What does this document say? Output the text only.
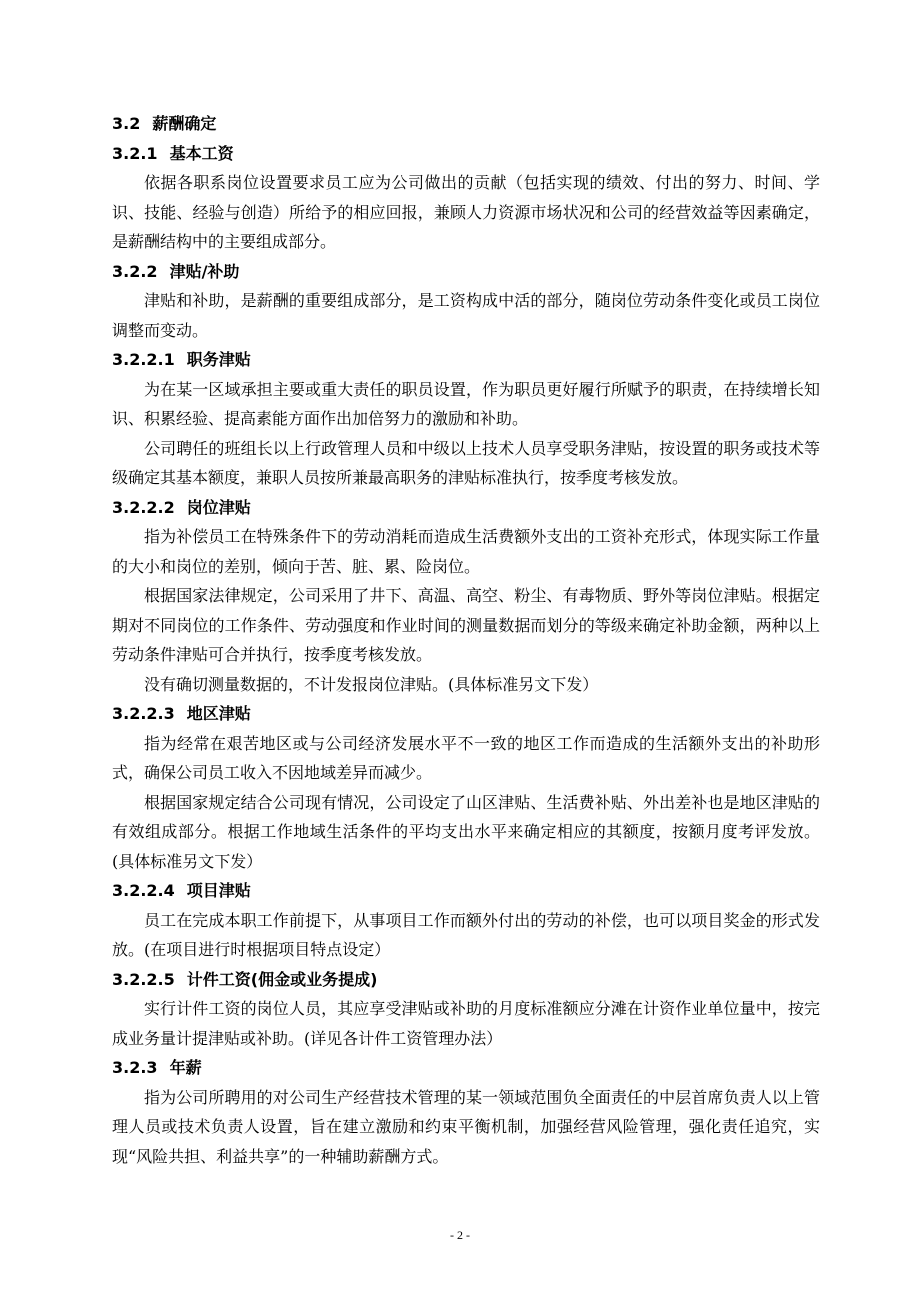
3.2 薪酬确定
3.2.1 基本工资

依据各职系岗位设置要求员工应为公司做出的贡献（包括实现的绩效、付出的努力、时间、学识、技能、经验与创造）所给予的相应回报，兼顾人力资源市场状况和公司的经营效益等因素确定，是薪酬结构中的主要组成部分。

3.2.2 津贴/补助

津贴和补助，是薪酬的重要组成部分，是工资构成中活的部分，随岗位劳动条件变化或员工岗位调整而变动。

3.2.2.1 职务津贴

为在某一区域承担主要或重大责任的职员设置，作为职员更好履行所赋予的职责，在持续增长知识、积累经验、提高素能方面作出加倍努力的激励和补助。

公司聘任的班组长以上行政管理人员和中级以上技术人员享受职务津贴，按设置的职务或技术等级确定其基本额度，兼职人员按所兼最高职务的津贴标准执行，按季度考核发放。

3.2.2.2 岗位津贴

指为补偿员工在特殊条件下的劳动消耗而造成生活费额外支出的工资补充形式，体现实际工作量的大小和岗位的差别，倾向于苦、脏、累、险岗位。

根据国家法律规定，公司采用了井下、高温、高空、粉尘、有毒物质、野外等岗位津贴。根据定期对不同岗位的工作条件、劳动强度和作业时间的测量数据而划分的等级来确定补助金额，两种以上劳动条件津贴可合并执行，按季度考核发放。

没有确切测量数据的，不计发报岗位津贴。(具体标准另文下发）

3.2.2.3 地区津贴

指为经常在艰苦地区或与公司经济发展水平不一致的地区工作而造成的生活额外支出的补助形式，确保公司员工收入不因地域差异而减少。

根据国家规定结合公司现有情况，公司设定了山区津贴、生活费补贴、外出差补也是地区津贴的有效组成部分。根据工作地域生活条件的平均支出水平来确定相应的其额度，按额月度考评发放。(具体标准另文下发）

3.2.2.4 项目津贴

员工在完成本职工作前提下，从事项目工作而额外付出的劳动的补偿，也可以项目奖金的形式发放。(在项目进行时根据项目特点设定）

3.2.2.5 计件工资(佣金或业务提成)

实行计件工资的岗位人员，其应享受津贴或补助的月度标准额应分滩在计资作业单位量中，按完成业务量计提津贴或补助。(详见各计件工资管理办法）

3.2.3 年薪

指为公司所聘用的对公司生产经营技术管理的某一领域范围负全面责任的中层首席负责人以上管理人员或技术负责人设置，旨在建立激励和约束平衡机制，加强经营风险管理，强化责任追究，实现“风险共担、利益共享”的一种辅助薪酬方式。

- 2 -
